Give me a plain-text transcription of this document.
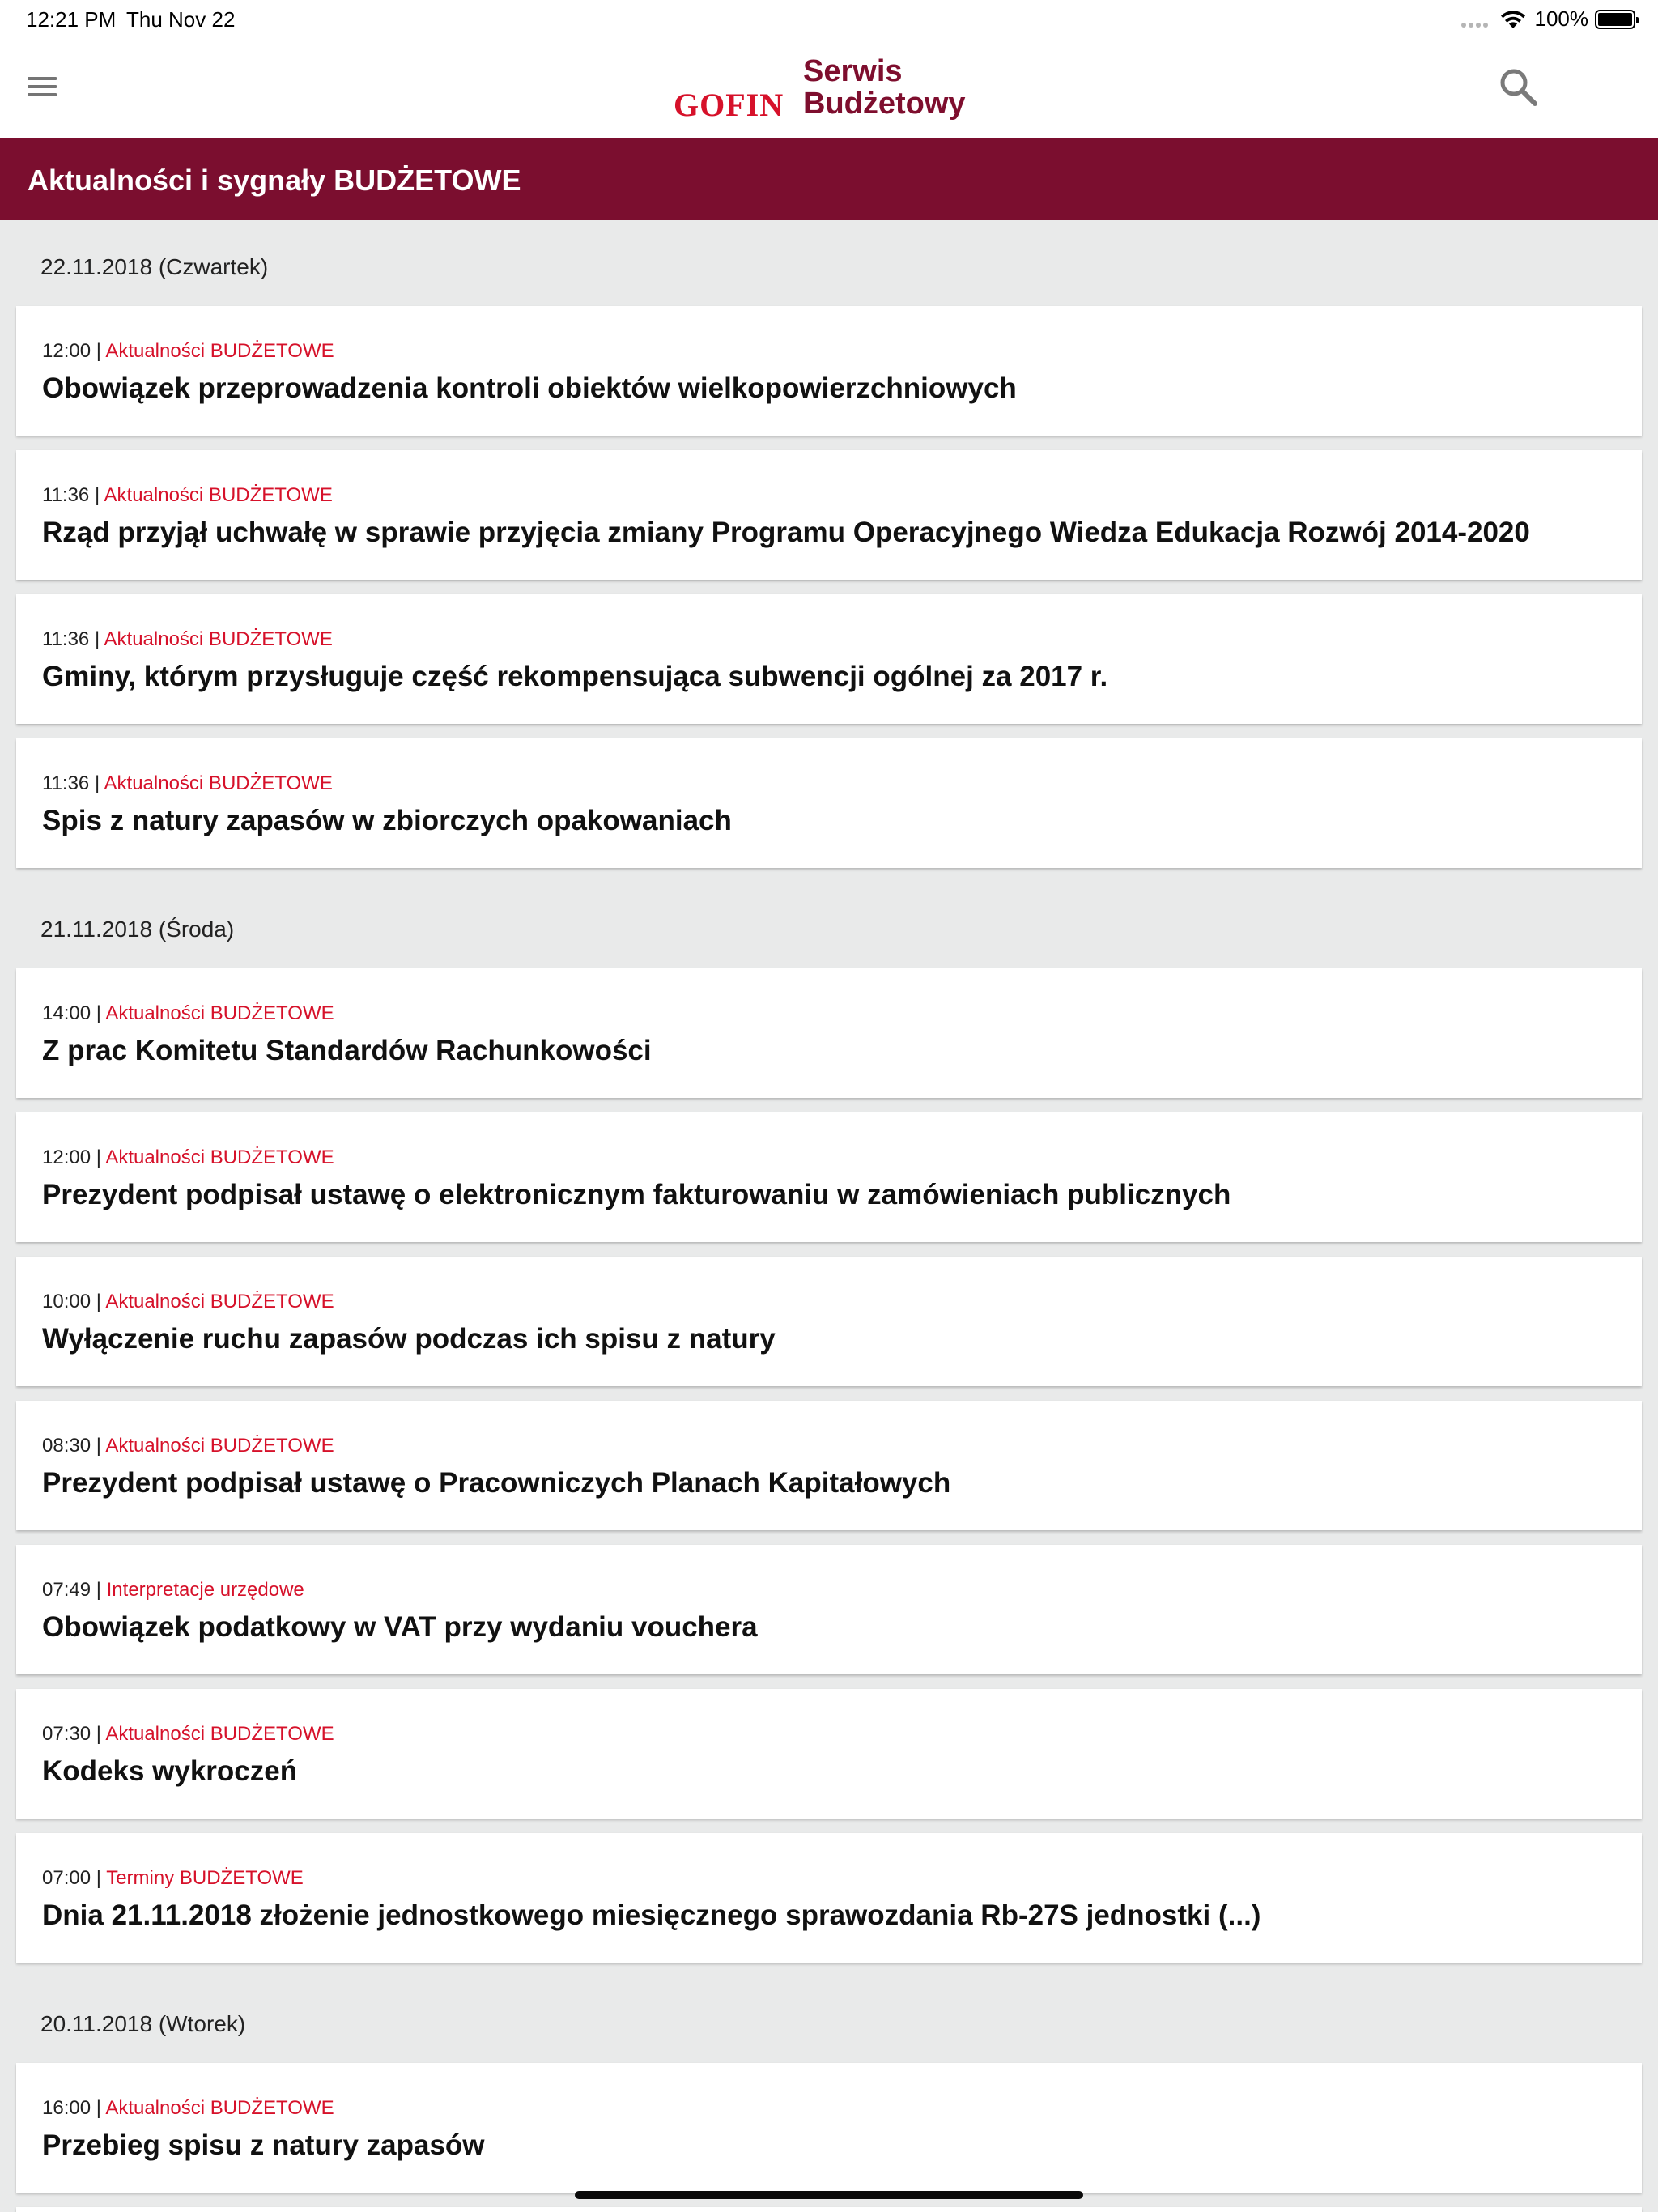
12:21 PM Thu Nov 22	100%
GOFIN
Serwis
Budżetowy
Aktualności i sygnały BUDŻETOWE
22.11.2018 (Czwartek)
12:00 | Aktualności BUDŻETOWE
Obowiązek przeprowadzenia kontroli obiektów wielkopowierzchniowych
11:36 | Aktualności BUDŻETOWE
Rząd przyjął uchwałę w sprawie przyjęcia zmiany Programu Operacyjnego Wiedza Edukacja Rozwój 2014-2020
11:36 | Aktualności BUDŻETOWE
Gminy, którym przysługuje część rekompensująca subwencji ogólnej za 2017 r.
11:36 | Aktualności BUDŻETOWE
Spis z natury zapasów w zbiorczych opakowaniach
21.11.2018 (Środa)
14:00 | Aktualności BUDŻETOWE
Z prac Komitetu Standardów Rachunkowości
12:00 | Aktualności BUDŻETOWE
Prezydent podpisał ustawę o elektronicznym fakturowaniu w zamówieniach publicznych
10:00 | Aktualności BUDŻETOWE
Wyłączenie ruchu zapasów podczas ich spisu z natury
08:30 | Aktualności BUDŻETOWE
Prezydent podpisał ustawę o Pracowniczych Planach Kapitałowych
07:49 | Interpretacje urzędowe
Obowiązek podatkowy w VAT przy wydaniu vouchera
07:30 | Aktualności BUDŻETOWE
Kodeks wykroczeń
07:00 | Terminy BUDŻETOWE
Dnia 21.11.2018 złożenie jednostkowego miesięcznego sprawozdania Rb-27S jednostki (...)
20.11.2018 (Wtorek)
16:00 | Aktualności BUDŻETOWE
Przebieg spisu z natury zapasów
